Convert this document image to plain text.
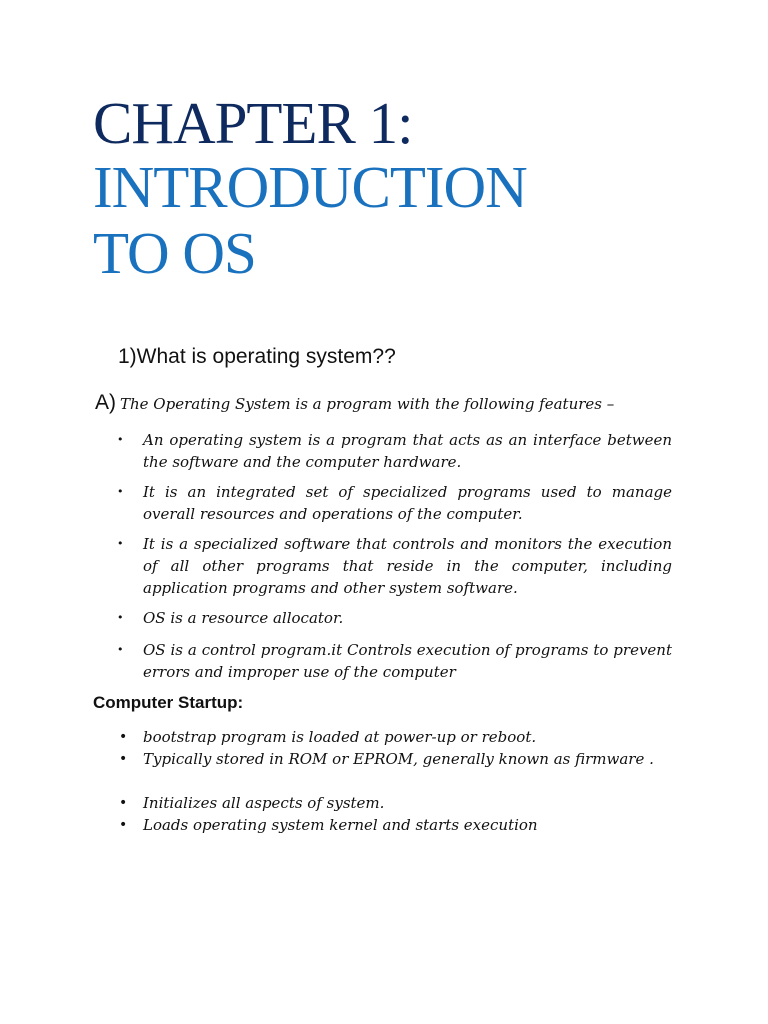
CHAPTER 1:
INTRODUCTION
TO OS
1)What is operating system??
A) The Operating System is a program with the following features –
• An operating system is a program that acts as an interface between the software and the computer hardware.
• It is an integrated set of specialized programs used to manage overall resources and operations of the computer.
• It is a specialized software that controls and monitors the execution of all other programs that reside in the computer, including application programs and other system software.
• OS is a resource allocator.
• OS is a control program.it Controls execution of programs to prevent errors and improper use of the computer
Computer Startup:
• bootstrap program is loaded at power-up or reboot.
• Typically stored in ROM or EPROM, generally known as firmware .
• Initializes all aspects of system.
• Loads operating system kernel and starts execution
